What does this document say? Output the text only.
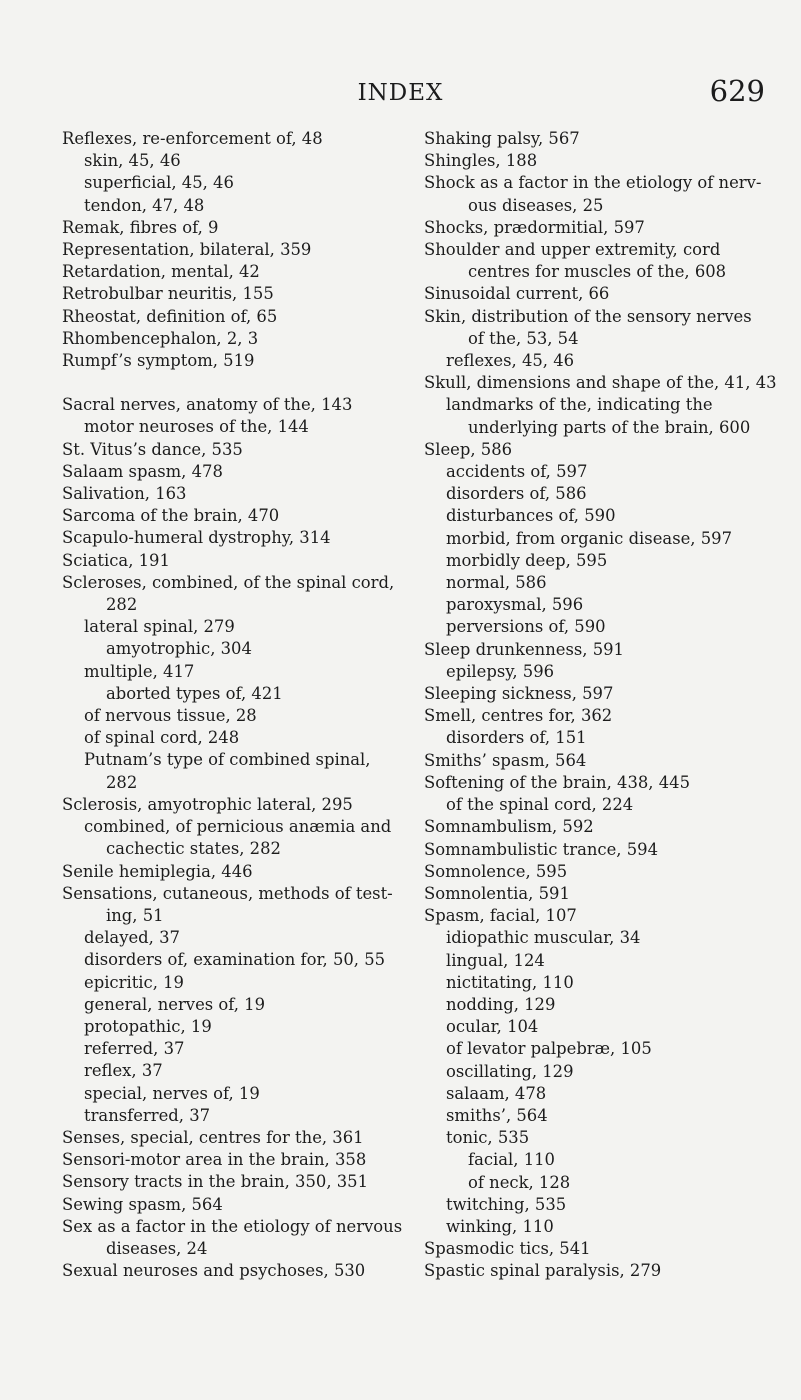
INDEX	629
Reflexes, re-enforcement of, 48
skin, 45, 46
superficial, 45, 46
tendon, 47, 48
Remak, fibres of, 9
Representation, bilateral, 359
Retardation, mental, 42
Retrobulbar neuritis, 155
Rheostat, definition of, 65
Rhombencephalon, 2, 3
Rumpf’s symptom, 519
Sacral nerves, anatomy of the, 143
motor neuroses of the, 144
St. Vitus’s dance, 535
Salaam spasm, 478
Salivation, 163
Sarcoma of the brain, 470
Scapulo-humeral dystrophy, 314
Sciatica, 191
Scleroses, combined, of the spinal cord,
282
lateral spinal, 279
amyotrophic, 304
multiple, 417
aborted types of, 421
of nervous tissue, 28
of spinal cord, 248
Putnam’s type of combined spinal,
282
Sclerosis, amyotrophic lateral, 295
combined, of pernicious anæmia and
cachectic states, 282
Senile hemiplegia, 446
Sensations, cutaneous, methods of test-
ing, 51
delayed, 37
disorders of, examination for, 50, 55
epicritic, 19
general, nerves of, 19
protopathic, 19
referred, 37
reflex, 37
special, nerves of, 19
transferred, 37
Senses, special, centres for the, 361
Sensori-motor area in the brain, 358
Sensory tracts in the brain, 350, 351
Sewing spasm, 564
Sex as a factor in the etiology of nervous
diseases, 24
Sexual neuroses and psychoses, 530
Shaking palsy, 567
Shingles, 188
Shock as a factor in the etiology of nerv-
ous diseases, 25
Shocks, prædormitial, 597
Shoulder and upper extremity, cord
centres for muscles of the, 608
Sinusoidal current, 66
Skin, distribution of the sensory nerves
of the, 53, 54
reflexes, 45, 46
Skull, dimensions and shape of the, 41, 43
landmarks of the, indicating the
underlying parts of the brain, 600
Sleep, 586
accidents of, 597
disorders of, 586
disturbances of, 590
morbid, from organic disease, 597
morbidly deep, 595
normal, 586
paroxysmal, 596
perversions of, 590
Sleep drunkenness, 591
epilepsy, 596
Sleeping sickness, 597
Smell, centres for, 362
disorders of, 151
Smiths’ spasm, 564
Softening of the brain, 438, 445
of the spinal cord, 224
Somnambulism, 592
Somnambulistic trance, 594
Somnolence, 595
Somnolentia, 591
Spasm, facial, 107
idiopathic muscular, 34
lingual, 124
nictitating, 110
nodding, 129
ocular, 104
of levator palpebræ, 105
oscillating, 129
salaam, 478
smiths’, 564
tonic, 535
facial, 110
of neck, 128
twitching, 535
winking, 110
Spasmodic tics, 541
Spastic spinal paralysis, 279
